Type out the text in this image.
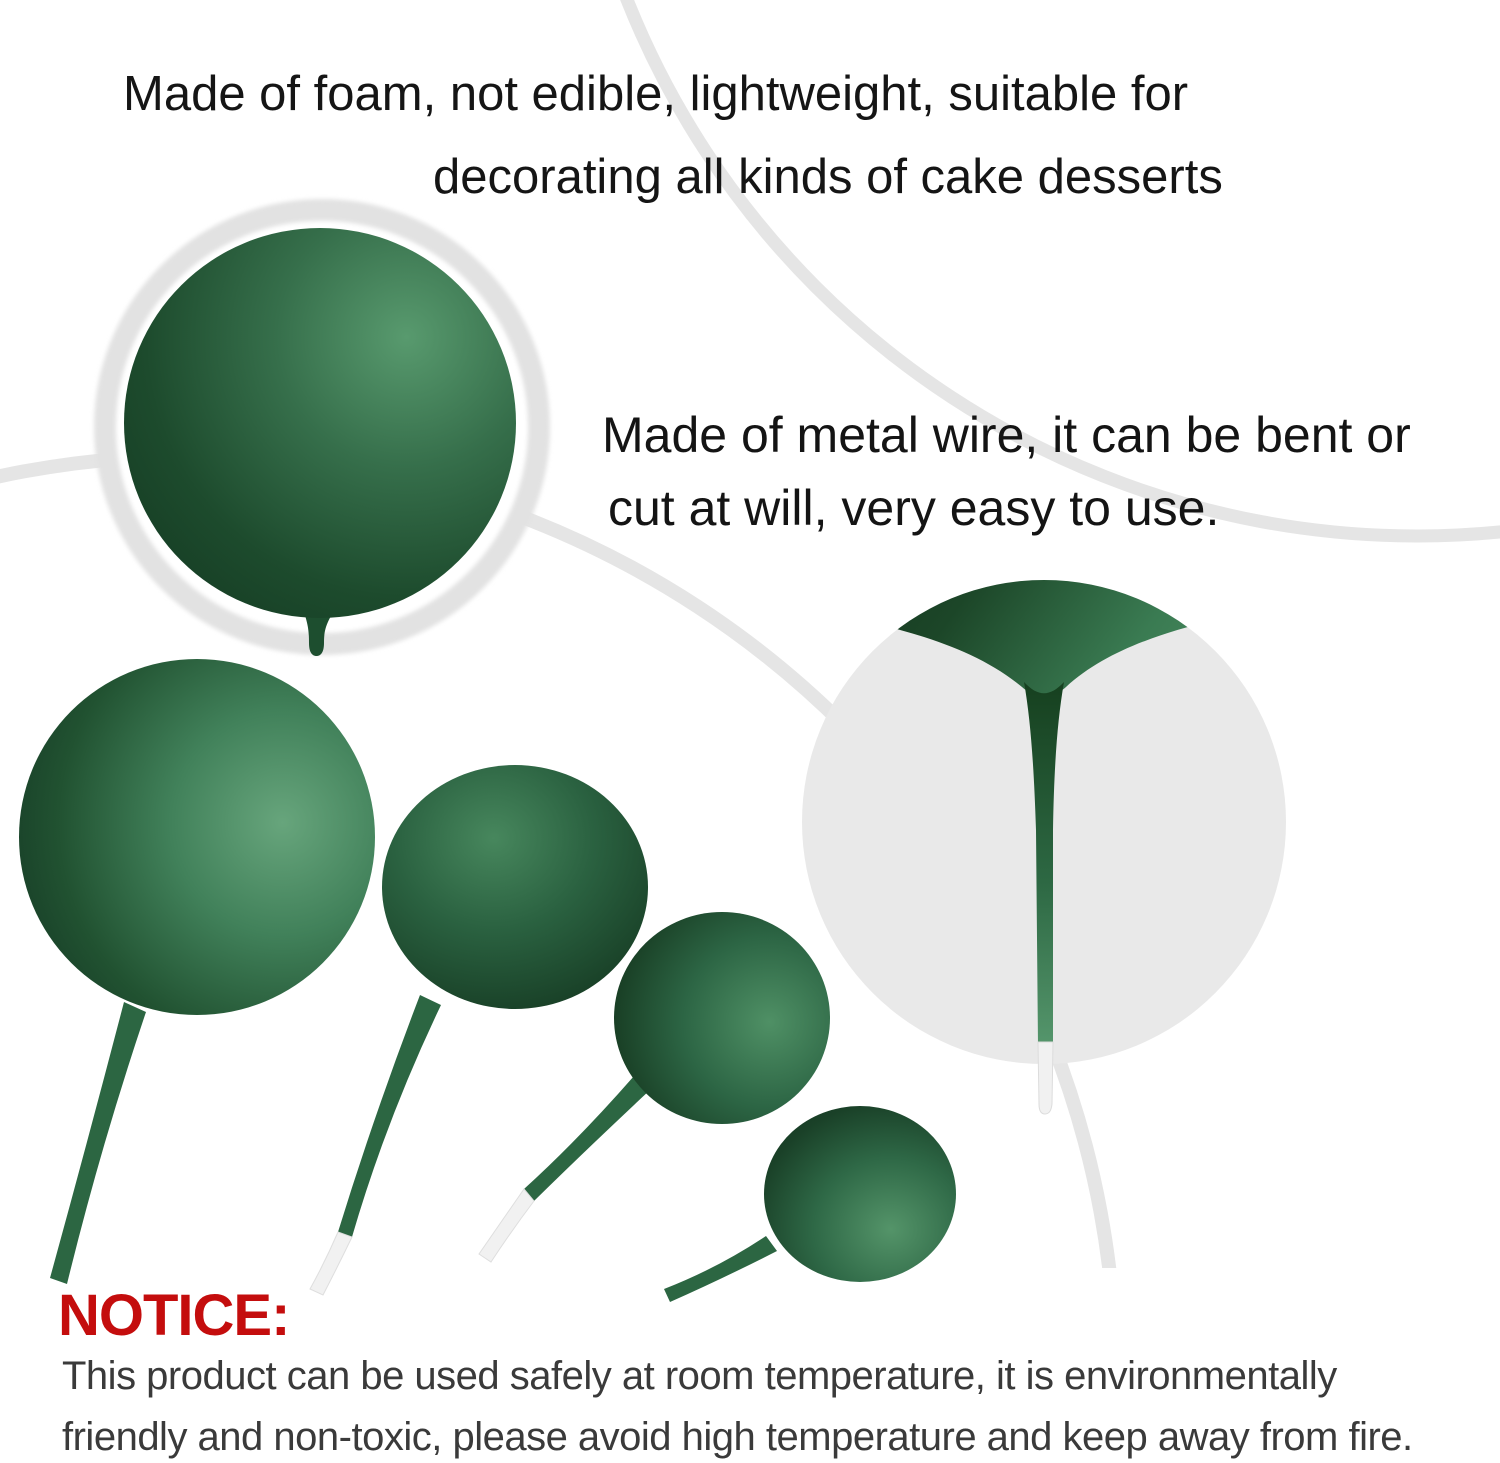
Made of foam, not edible, lightweight, suitable for
decorating all kinds of cake desserts
Made of metal wire, it can be bent or
cut at will, very easy to use.
NOTICE:
This product can be used safely at room temperature, it is environmentally
friendly and non-toxic, please avoid high temperature and keep away from fire.
